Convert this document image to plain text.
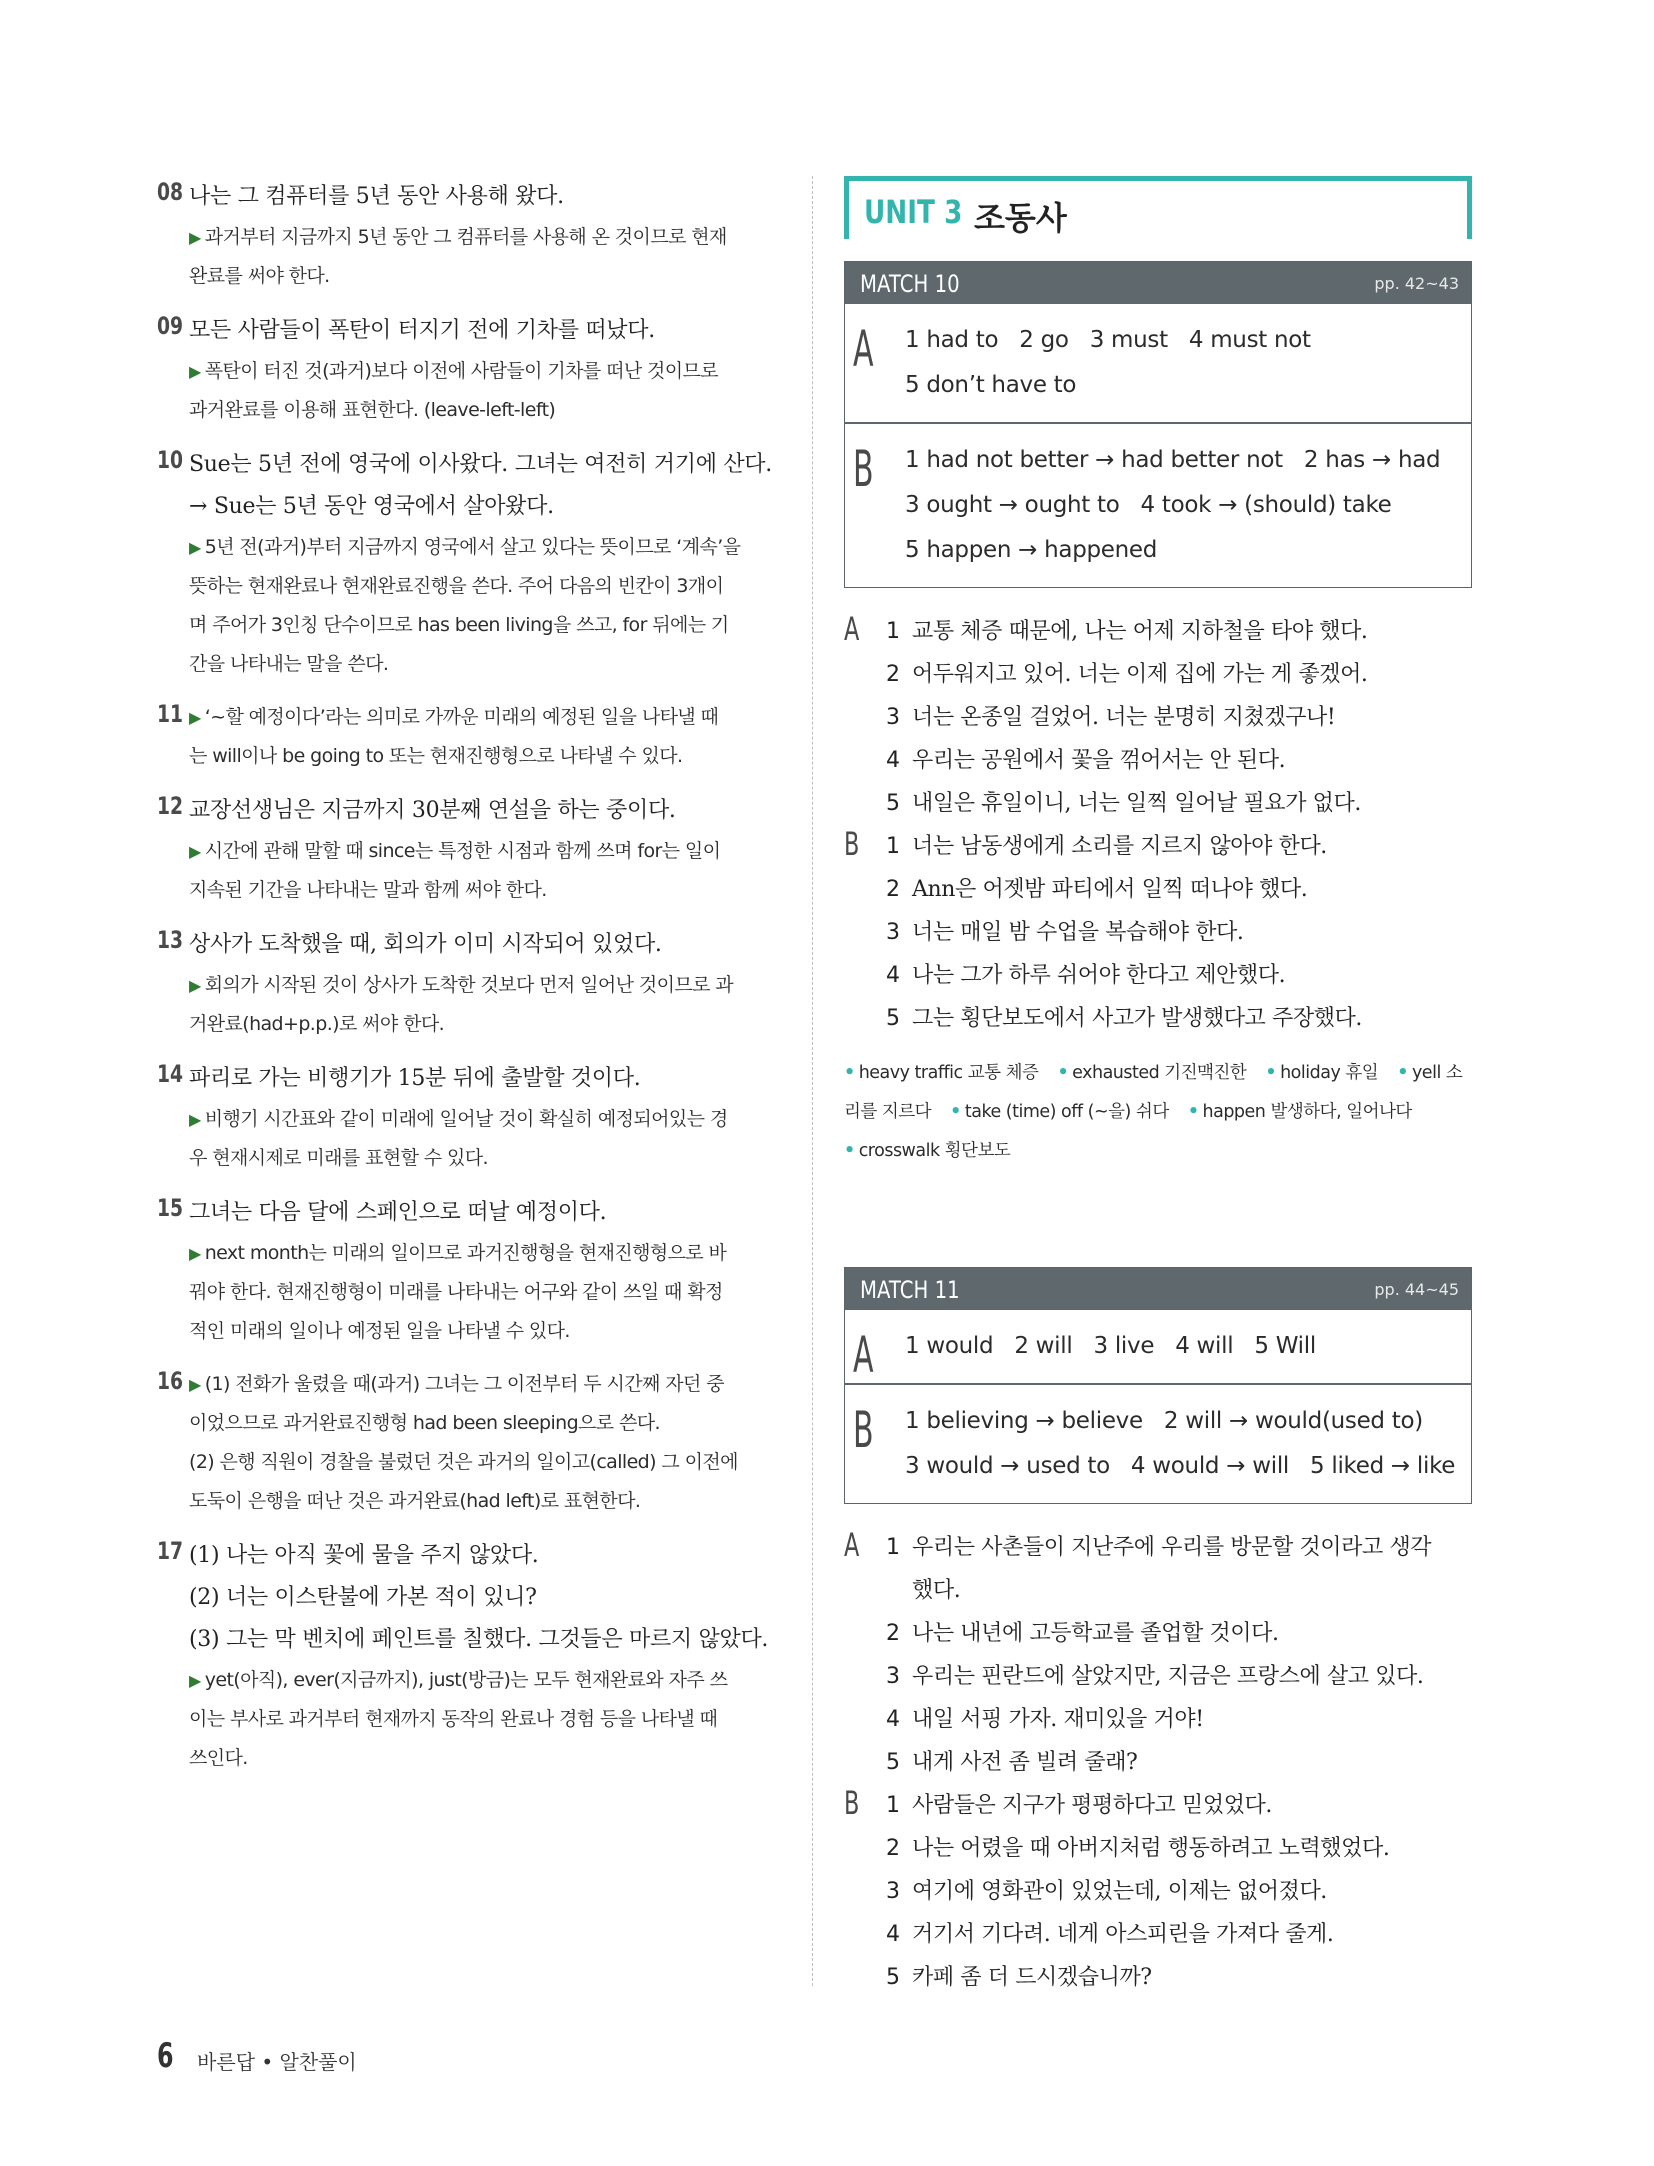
08 나는 그 컴퓨터를 5년 동안 사용해 왔다.
▶ 과거부터 지금까지 5년 동안 그 컴퓨터를 사용해 온 것이므로 현재
완료를 써야 한다.
09 모든 사람들이 폭탄이 터지기 전에 기차를 떠났다.
▶ 폭탄이 터진 것(과거)보다 이전에 사람들이 기차를 떠난 것이므로
과거완료를 이용해 표현한다. (leave-left-left)
10 Sue는 5년 전에 영국에 이사왔다. 그녀는 여전히 거기에 산다.
→ Sue는 5년 동안 영국에서 살아왔다.
▶ 5년 전(과거)부터 지금까지 영국에서 살고 있다는 뜻이므로 ‘계속’을
뜻하는 현재완료나 현재완료진행을 쓴다. 주어 다음의 빈칸이 3개이
며 주어가 3인칭 단수이므로 has been living을 쓰고, for 뒤에는 기
간을 나타내는 말을 쓴다.
11 ▶ ‘~할 예정이다’라는 의미로 가까운 미래의 예정된 일을 나타낼 때
는 will이나 be going to 또는 현재진행형으로 나타낼 수 있다.
12 교장선생님은 지금까지 30분째 연설을 하는 중이다.
▶ 시간에 관해 말할 때 since는 특정한 시점과 함께 쓰며 for는 일이
지속된 기간을 나타내는 말과 함께 써야 한다.
13 상사가 도착했을 때, 회의가 이미 시작되어 있었다.
▶ 회의가 시작된 것이 상사가 도착한 것보다 먼저 일어난 것이므로 과
거완료(had+p.p.)로 써야 한다.
14 파리로 가는 비행기가 15분 뒤에 출발할 것이다.
▶ 비행기 시간표와 같이 미래에 일어날 것이 확실히 예정되어있는 경
우 현재시제로 미래를 표현할 수 있다.
15 그녀는 다음 달에 스페인으로 떠날 예정이다.
▶ next month는 미래의 일이므로 과거진행형을 현재진행형으로 바
꿔야 한다. 현재진행형이 미래를 나타내는 어구와 같이 쓰일 때 확정
적인 미래의 일이나 예정된 일을 나타낼 수 있다.
16 ▶ (1) 전화가 울렸을 때(과거) 그녀는 그 이전부터 두 시간째 자던 중
이었으므로 과거완료진행형 had been sleeping으로 쓴다.
(2) 은행 직원이 경찰을 불렀던 것은 과거의 일이고(called) 그 이전에
도둑이 은행을 떠난 것은 과거완료(had left)로 표현한다.
17 (1) 나는 아직 꽃에 물을 주지 않았다.
(2) 너는 이스탄불에 가본 적이 있니?
(3) 그는 막 벤치에 페인트를 칠했다. 그것들은 마르지 않았다.
▶ yet(아직), ever(지금까지), just(방금)는 모두 현재완료와 자주 쓰
이는 부사로 과거부터 현재까지 동작의 완료나 경험 등을 나타낼 때
쓰인다.
UNIT 3 조동사
MATCH 10	pp. 42~43
A 1 had to   2 go   3 must   4 must not
5 don’t have to
B 1 had not better → had better not   2 has → had
3 ought → ought to   4 took → (should) take
5 happen → happened
A 1 교통 체증 때문에, 나는 어제 지하철을 타야 했다.
2 어두워지고 있어. 너는 이제 집에 가는 게 좋겠어.
3 너는 온종일 걸었어. 너는 분명히 지쳤겠구나!
4 우리는 공원에서 꽃을 꺾어서는 안 된다.
5 내일은 휴일이니, 너는 일찍 일어날 필요가 없다.
B 1 너는 남동생에게 소리를 지르지 않아야 한다.
2 Ann은 어젯밤 파티에서 일찍 떠나야 했다.
3 너는 매일 밤 수업을 복습해야 한다.
4 나는 그가 하루 쉬어야 한다고 제안했다.
5 그는 횡단보도에서 사고가 발생했다고 주장했다.
• heavy traffic 교통 체증 • exhausted 기진맥진한 • holiday 휴일 • yell 소리를 지르다 • take (time) off (~을) 쉬다 • happen 발생하다, 일어나다 • crosswalk 횡단보도
MATCH 11	pp. 44~45
A 1 would   2 will   3 live   4 will   5 Will
B 1 believing → believe   2 will → would(used to)
3 would → used to   4 would → will   5 liked → like
A 1 우리는 사촌들이 지난주에 우리를 방문할 것이라고 생각
했다.
2 나는 내년에 고등학교를 졸업할 것이다.
3 우리는 핀란드에 살았지만, 지금은 프랑스에 살고 있다.
4 내일 서핑 가자. 재미있을 거야!
5 내게 사전 좀 빌려 줄래?
B 1 사람들은 지구가 평평하다고 믿었었다.
2 나는 어렸을 때 아버지처럼 행동하려고 노력했었다.
3 여기에 영화관이 있었는데, 이제는 없어졌다.
4 거기서 기다려. 네게 아스피린을 가져다 줄게.
5 카페 좀 더 드시겠습니까?
6 바른답 • 알찬풀이
